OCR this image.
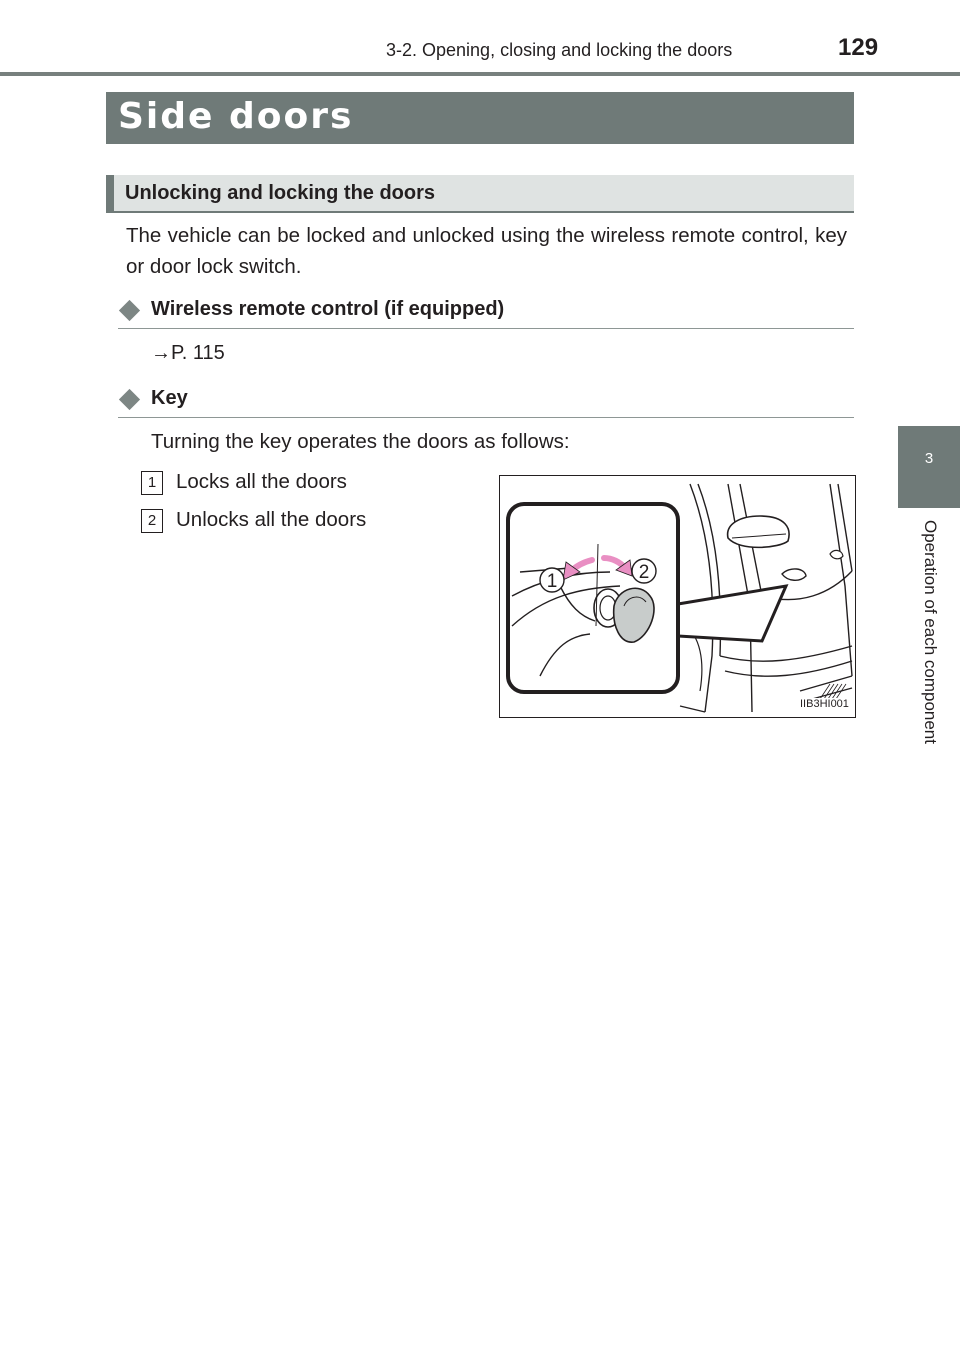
3-2. Opening, closing and locking the doors	129
3
Operation of each component
Side doors
Unlocking and locking the doors
The vehicle can be locked and unlocked using the wireless remote control, key or door lock switch.
Wireless remote control (if equipped)
→P. 115
Key
Turning the key operates the doors as follows:
1 Locks all the doors
2 Unlocks all the doors
1	2
IIB3HI001
